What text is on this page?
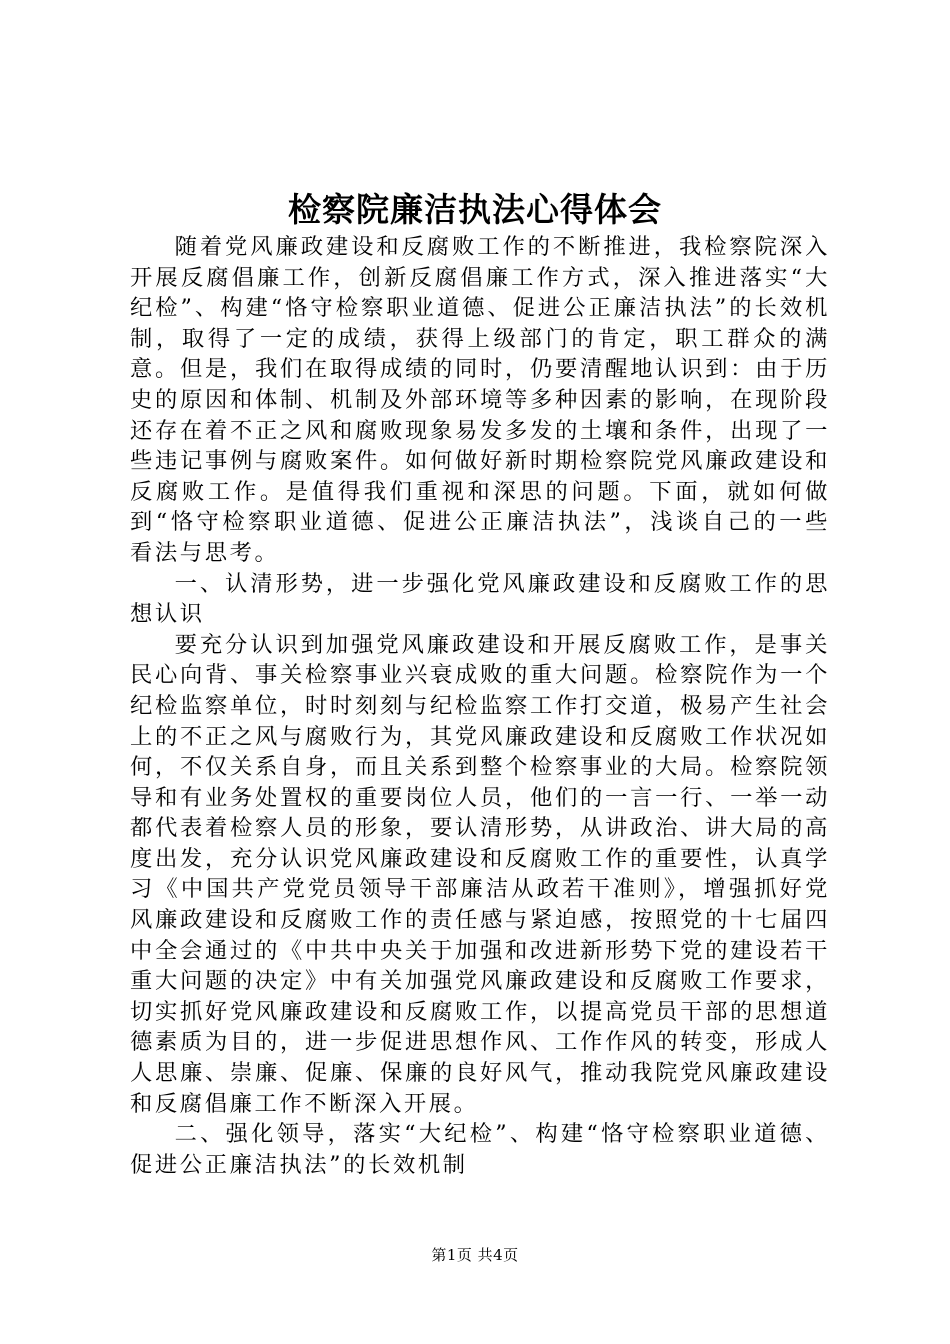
检察院廉洁执法心得体会

随着党风廉政建设和反腐败工作的不断推进，我检察院深入开展反腐倡廉工作，创新反腐倡廉工作方式，深入推进落实“大纪检”、构建“恪守检察职业道德、促进公正廉洁执法”的长效机制，取得了一定的成绩，获得上级部门的肯定，职工群众的满意。但是，我们在取得成绩的同时，仍要清醒地认识到：由于历史的原因和体制、机制及外部环境等多种因素的影响，在现阶段还存在着不正之风和腐败现象易发多发的土壤和条件，出现了一些违记事例与腐败案件。如何做好新时期检察院党风廉政建设和反腐败工作。是值得我们重视和深思的问题。下面，就如何做到“恪守检察职业道德、促进公正廉洁执法”，浅谈自己的一些看法与思考。

一、认清形势，进一步强化党风廉政建设和反腐败工作的思想认识

要充分认识到加强党风廉政建设和开展反腐败工作，是事关民心向背、事关检察事业兴衰成败的重大问题。检察院作为一个纪检监察单位，时时刻刻与纪检监察工作打交道，极易产生社会上的不正之风与腐败行为，其党风廉政建设和反腐败工作状况如何，不仅关系自身，而且关系到整个检察事业的大局。检察院领导和有业务处置权的重要岗位人员，他们的一言一行、一举一动都代表着检察人员的形象，要认清形势，从讲政治、讲大局的高度出发，充分认识党风廉政建设和反腐败工作的重要性，认真学习《中国共产党党员领导干部廉洁从政若干准则》，增强抓好党风廉政建设和反腐败工作的责任感与紧迫感，按照党的十七届四中全会通过的《中共中央关于加强和改进新形势下党的建设若干重大问题的决定》中有关加强党风廉政建设和反腐败工作要求，切实抓好党风廉政建设和反腐败工作，以提高党员干部的思想道德素质为目的，进一步促进思想作风、工作作风的转变，形成人人思廉、崇廉、促廉、保廉的良好风气，推动我院党风廉政建设和反腐倡廉工作不断深入开展。

二、强化领导，落实“大纪检”、构建“恪守检察职业道德、促进公正廉洁执法”的长效机制

第1页 共4页
